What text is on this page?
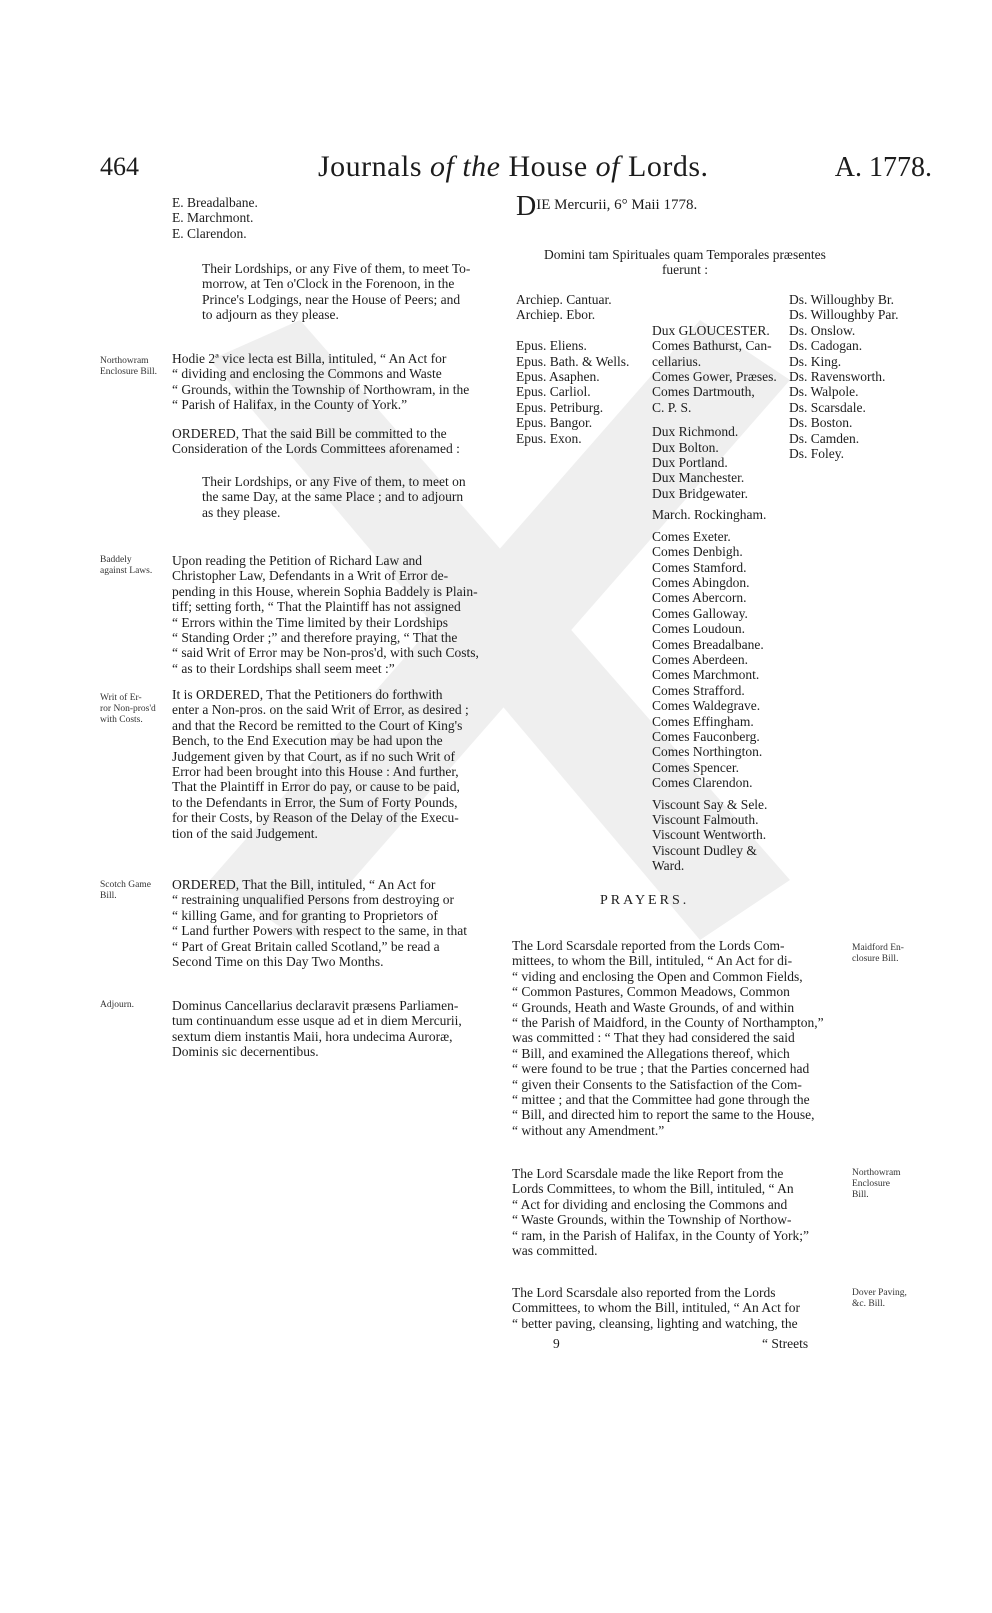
464	Journals of the House of Lords.	A. 1778.
E. Breadalbane.
E. Marchmont.
E. Clarendon.
Their Lordships, or any Five of them, to meet To-
morrow, at Ten o'Clock in the Forenoon, in the
Prince's Lodgings, near the House of Peers; and
to adjourn as they please.
Northowram
Enclosure Bill.
Hodie 2ª vice lecta est Billa, intituled, “ An Act for
“ dividing and enclosing the Commons and Waste
“ Grounds, within the Township of Northowram, in the
“ Parish of Halifax, in the County of York.”
ORDERED, That the said Bill be committed to the
Consideration of the Lords Committees aforenamed :
Their Lordships, or any Five of them, to meet on
the same Day, at the same Place ; and to adjourn
as they please.
Baddely
against Laws.
Upon reading the Petition of Richard Law and
Christopher Law, Defendants in a Writ of Error de-
pending in this House, wherein Sophia Baddely is Plain-
tiff; setting forth, “ That the Plaintiff has not assigned
“ Errors within the Time limited by their Lordships
“ Standing Order ;” and therefore praying, “ That the
“ said Writ of Error may be Non-pros'd, with such Costs,
“ as to their Lordships shall seem meet :”
Writ of Er-
ror Non-pros'd
with Costs.
It is ORDERED, That the Petitioners do forthwith
enter a Non-pros. on the said Writ of Error, as desired ;
and that the Record be remitted to the Court of King's
Bench, to the End Execution may be had upon the
Judgement given by that Court, as if no such Writ of
Error had been brought into this House : And further,
That the Plaintiff in Error do pay, or cause to be paid,
to the Defendants in Error, the Sum of Forty Pounds,
for their Costs, by Reason of the Delay of the Execu-
tion of the said Judgement.
Scotch Game
Bill.
ORDERED, That the Bill, intituled, “ An Act for
“ restraining unqualified Persons from destroying or
“ killing Game, and for granting to Proprietors of
“ Land further Powers with respect to the same, in that
“ Part of Great Britain called Scotland,” be read a
Second Time on this Day Two Months.
Adjourn.	Dominus Cancellarius declaravit præsens Parliamen-
tum continuandum esse usque ad et in diem Mercurii,
sextum diem instantis Maii, hora undecima Auroræ,
Dominis sic decernentibus.
DIE Mercurii, 6° Maii 1778.
Domini tam Spirituales quam Temporales præsentes
fuerunt :
Archiep. Cantuar.
Archiep. Ebor.

Epus. Eliens.
Epus. Bath. & Wells.
Epus. Asaphen.
Epus. Carliol.
Epus. Petriburg.
Epus. Bangor.
Epus. Exon.

Dux GLOUCESTER.
Comes Bathurst, Can-
cellarius.
Comes Gower, Præses.
Comes Dartmouth,
C. P. S.
Dux Richmond.
Dux Bolton.
Dux Portland.
Dux Manchester.
Dux Bridgewater.
March. Rockingham.
Comes Exeter.
Comes Denbigh.
Comes Stamford.
Comes Abingdon.
Comes Abercorn.
Comes Galloway.
Comes Loudoun.
Comes Breadalbane.
Comes Aberdeen.
Comes Marchmont.
Comes Strafford.
Comes Waldegrave.
Comes Effingham.
Comes Fauconberg.
Comes Northington.
Comes Spencer.
Comes Clarendon.
Viscount Say & Sele.
Viscount Falmouth.
Viscount Wentworth.
Viscount Dudley &
Ward.

Ds. Willoughby Br.
Ds. Willoughby Par.
Ds. Onslow.
Ds. Cadogan.
Ds. King.
Ds. Ravensworth.
Ds. Walpole.
Ds. Scarsdale.
Ds. Boston.
Ds. Camden.
Ds. Foley.
PRAYERS.
Maidford En-
closure Bill.
The Lord Scarsdale reported from the Lords Com-
mittees, to whom the Bill, intituled, “ An Act for di-
“ viding and enclosing the Open and Common Fields,
“ Common Pastures, Common Meadows, Common
“ Grounds, Heath and Waste Grounds, of and within
“ the Parish of Maidford, in the County of Northampton,”
was committed : “ That they had considered the said
“ Bill, and examined the Allegations thereof, which
“ were found to be true ; that the Parties concerned had
“ given their Consents to the Satisfaction of the Com-
“ mittee ; and that the Committee had gone through the
“ Bill, and directed him to report the same to the House,
“ without any Amendment.”
Northowram
Enclosure
Bill.
The Lord Scarsdale made the like Report from the
Lords Committees, to whom the Bill, intituled, “ An
“ Act for dividing and enclosing the Commons and
“ Waste Grounds, within the Township of Northow-
“ ram, in the Parish of Halifax, in the County of York;”
was committed.
Dover Paving,
&c. Bill.
The Lord Scarsdale also reported from the Lords
Committees, to whom the Bill, intituled, “ An Act for
“ better paving, cleansing, lighting and watching, the
9	“ Streets
